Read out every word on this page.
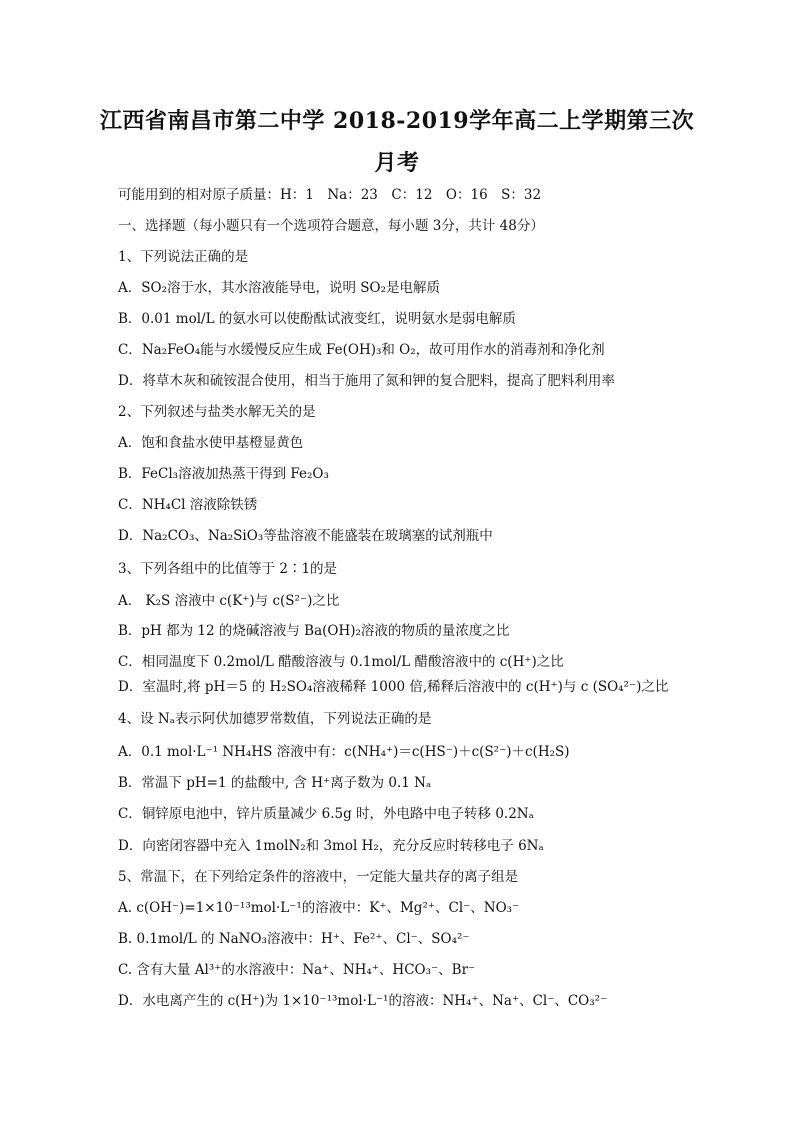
江西省南昌市第二中学 2018-2019学年高二上学期第三次
月考
可能用到的相对原子质量：H：1　Na：23　C：12　O：16　S：32
一、选择题（每小题只有一个选项符合题意，每小题 3分，共计 48分）
1、下列说法正确的是
A．SO₂溶于水，其水溶液能导电，说明 SO₂是电解质
B．0.01 mol/L 的氨水可以使酚酞试液变红，说明氨水是弱电解质
C．Na₂FeO₄能与水缓慢反应生成 Fe(OH)₃和 O₂，故可用作水的消毒剂和净化剂
D．将草木灰和硫铵混合使用，相当于施用了氮和钾的复合肥料，提高了肥料利用率
2、下列叙述与盐类水解无关的是
A．饱和食盐水使甲基橙显黄色
B．FeCl₃溶液加热蒸干得到 Fe₂O₃
C．NH₄Cl 溶液除铁锈
D．Na₂CO₃、Na₂SiO₃等盐溶液不能盛装在玻璃塞的试剂瓶中
3、下列各组中的比值等于 2∶1的是
A． K₂S 溶液中 c(K⁺)与 c(S²⁻)之比
B．pH 都为 12 的烧碱溶液与 Ba(OH)₂溶液的物质的量浓度之比
C．相同温度下 0.2mol/L 醋酸溶液与 0.1mol/L 醋酸溶液中的 c(H⁺)之比
D．室温时,将 pH＝5 的 H₂SO₄溶液稀释 1000 倍,稀释后溶液中的 c(H⁺)与 c (SO₄²⁻)之比
4、设 Nₐ表示阿伏加德罗常数值，下列说法正确的是
A．0.1 mol·L⁻¹ NH₄HS 溶液中有：c(NH₄⁺)＝c(HS⁻)＋c(S²⁻)＋c(H₂S)
B．常温下 pH=1 的盐酸中, 含 H⁺离子数为 0.1 Nₐ
C．铜锌原电池中，锌片质量减少 6.5g 时，外电路中电子转移 0.2Nₐ
D．向密闭容器中充入 1molN₂和 3mol H₂，充分反应时转移电子 6Nₐ
5、常温下，在下列给定条件的溶液中，一定能大量共存的离子组是
A. c(OH⁻)=1×10⁻¹³mol·L⁻¹的溶液中：K⁺、Mg²⁺、Cl⁻、NO₃⁻
B. 0.1mol/L 的 NaNO₃溶液中：H⁺、Fe²⁺、Cl⁻、SO₄²⁻
C. 含有大量 Al³⁺的水溶液中：Na⁺、NH₄⁺、HCO₃⁻、Br⁻
D．水电离产生的 c(H⁺)为 1×10⁻¹³mol·L⁻¹的溶液：NH₄⁺、Na⁺、Cl⁻、CO₃²⁻
